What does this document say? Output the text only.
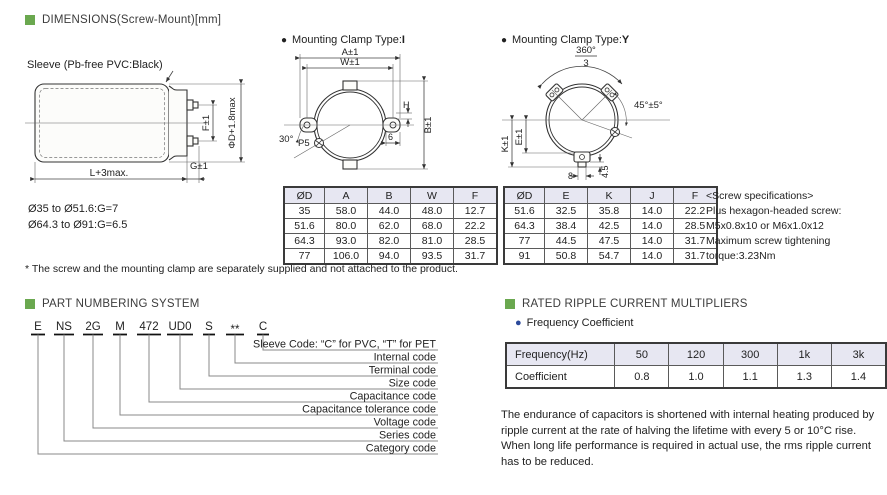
DIMENSIONS(Screw-Mount)[mm]
Sleeve (Pb-free PVC:Black)
F±1 ΦD+1.8max
L+3max.
G±1
Ø35 to Ø51.6:G=7
Ø64.3 to Ø91:G=6.5
* The screw and the mounting clamp are separately supplied and not attached to the product.
● Mounting Clamp Type:I
P5
30°
A±1
W±1
B±1
H
6
ØD	A	B	W	F
35	58.0	44.0	48.0	12.7
51.6	80.0	62.0	68.0	22.2
64.3	93.0	82.0	81.0	28.5
77	106.0	94.0	93.5	31.7
● Mounting Clamp Type:Y
360°
3
45°±5°
K±1 E±1
8	4.5
ØD	E	K	J	F
51.6	32.5	35.8	14.0	22.2
64.3	38.4	42.5	14.0	28.5
77	44.5	47.5	14.0	31.7
91	50.8	54.7	14.0	31.7
<Screw specifications>
Plus hexagon-headed screw:
M5x0.8x10 or M6x1.0x12
Maximum screw tightening
torque:3.23Nm
PART NUMBERING SYSTEM
E NS 2G M 472 UD0 S ** C
Sleeve Code: “C” for PVC, “T” for PET
Internal code
Terminal code
Size code
Capacitance code
Capacitance tolerance code
Voltage code
Series code
Category code
RATED RIPPLE CURRENT MULTIPLIERS
● Frequency Coefficient
Frequency(Hz)	50	120	300	1k	3k
Coefficient	0.8	1.0	1.1	1.3	1.4
The endurance of capacitors is shortened with internal heating produced by ripple current at the rate of halving the lifetime with every 5 or 10°C rise. When long life performance is required in actual use, the rms ripple current has to be reduced.
